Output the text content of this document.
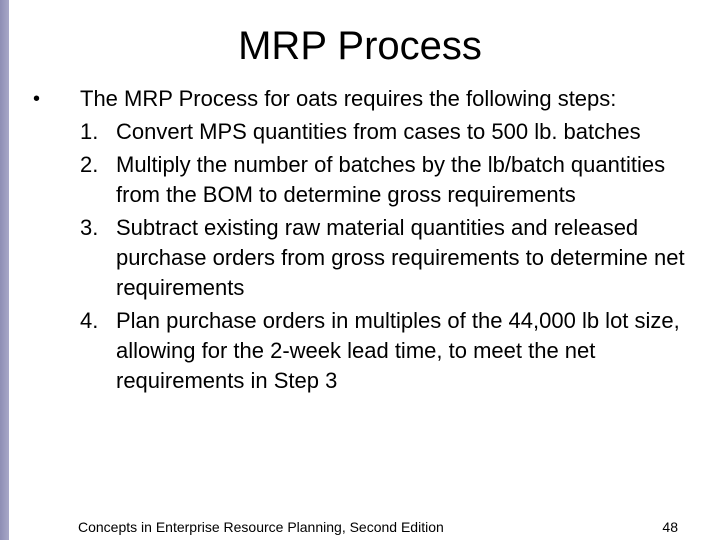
MRP Process
• The MRP Process for oats requires the following steps:
1. Convert MPS quantities from cases to 500 lb. batches
2. Multiply the number of batches by the lb/batch quantities from the BOM to determine gross requirements
3. Subtract existing raw material quantities and released purchase orders from gross requirements to determine net requirements
4. Plan purchase orders in multiples of the 44,000 lb lot size, allowing for the 2-week lead time, to meet the net requirements in Step 3
Concepts in Enterprise Resource Planning, Second Edition	48
